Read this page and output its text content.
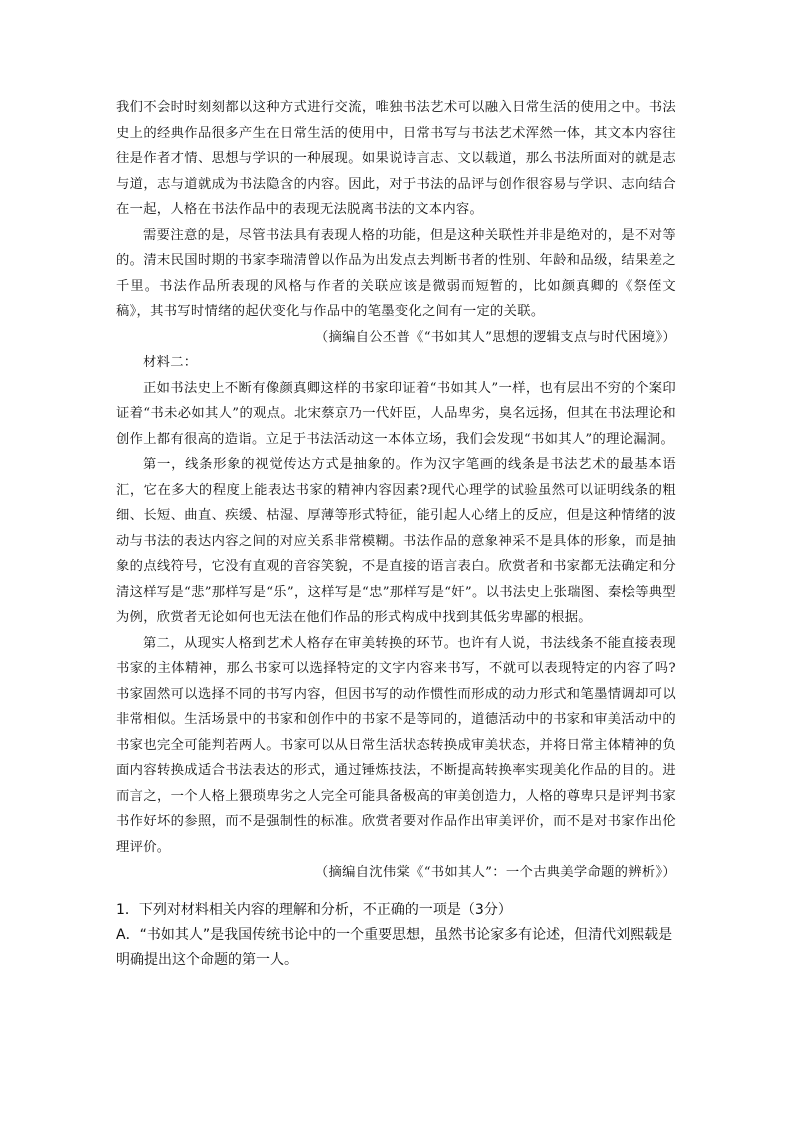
我们不会时时刻刻都以这种方式进行交流，唯独书法艺术可以融入日常生活的使用之中。书法史上的经典作品很多产生在日常生活的使用中，日常书写与书法艺术浑然一体，其文本内容往往是作者才情、思想与学识的一种展现。如果说诗言志、文以载道，那么书法所面对的就是志与道，志与道就成为书法隐含的内容。因此，对于书法的品评与创作很容易与学识、志向结合在一起，人格在书法作品中的表现无法脱离书法的文本内容。

需要注意的是，尽管书法具有表现人格的功能，但是这种关联性并非是绝对的，是不对等的。清末民国时期的书家李瑞清曾以作品为出发点去判断书者的性别、年龄和品级，结果差之千里。书法作品所表现的风格与作者的关联应该是微弱而短暂的，比如颜真卿的《祭侄文稿》，其书写时情绪的起伏变化与作品中的笔墨变化之间有一定的关联。

（摘编自公丕普《“书如其人”思想的逻辑支点与时代困境》）

材料二：

正如书法史上不断有像颜真卿这样的书家印证着“书如其人”一样，也有层出不穷的个案印证着“书未必如其人”的观点。北宋蔡京乃一代奸臣，人品卑劣，臭名远扬，但其在书法理论和创作上都有很高的造诣。立足于书法活动这一本体立场，我们会发现“书如其人”的理论漏洞。

第一，线条形象的视觉传达方式是抽象的。作为汉字笔画的线条是书法艺术的最基本语汇，它在多大的程度上能表达书家的精神内容因素?现代心理学的试验虽然可以证明线条的粗细、长短、曲直、疾缓、枯湿、厚薄等形式特征，能引起人心绪上的反应，但是这种情绪的波动与书法的表达内容之间的对应关系非常模糊。书法作品的意象神采不是具体的形象，而是抽象的点线符号，它没有直观的音容笑貌，不是直接的语言表白。欣赏者和书家都无法确定和分清这样写是“悲”那样写是“乐”，这样写是“忠”那样写是“奸”。以书法史上张瑞图、秦桧等典型为例，欣赏者无论如何也无法在他们作品的形式构成中找到其低劣卑鄙的根据。

第二，从现实人格到艺术人格存在审美转换的环节。也许有人说，书法线条不能直接表现书家的主体精神，那么书家可以选择特定的文字内容来书写，不就可以表现特定的内容了吗?书家固然可以选择不同的书写内容，但因书写的动作惯性而形成的动力形式和笔墨情调却可以非常相似。生活场景中的书家和创作中的书家不是等同的，道德活动中的书家和审美活动中的书家也完全可能判若两人。书家可以从日常生活状态转换成审美状态，并将日常主体精神的负面内容转换成适合书法表达的形式，通过锤炼技法，不断提高转换率实现美化作品的目的。进而言之，一个人格上猥琐卑劣之人完全可能具备极高的审美创造力，人格的尊卑只是评判书家书作好坏的参照，而不是强制性的标准。欣赏者要对作品作出审美评价，而不是对书家作出伦理评价。

（摘编自沈伟棠《“书如其人”：一个古典美学命题的辨析》）

1．下列对材料相关内容的理解和分析，不正确的一项是（3分）

A．“书如其人”是我国传统书论中的一个重要思想，虽然书论家多有论述，但清代刘熙载是明确提出这个命题的第一人。
